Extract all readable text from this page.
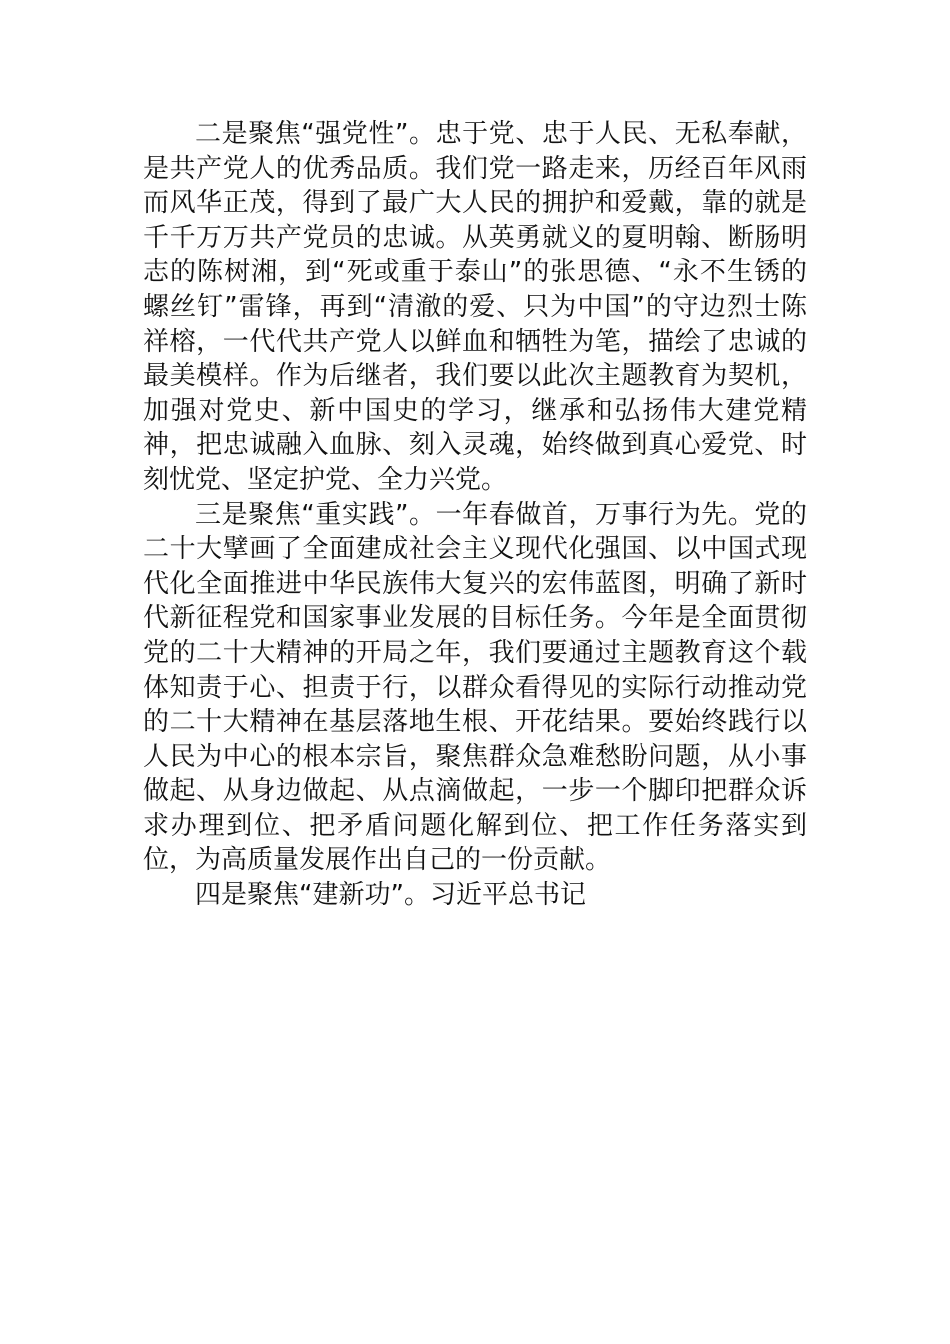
二是聚焦“强党性”。忠于党、忠于人民、无私奉献，是共产党人的优秀品质。我们党一路走来，历经百年风雨而风华正茂，得到了最广大人民的拥护和爱戴，靠的就是千千万万共产党员的忠诚。从英勇就义的夏明翰、断肠明志的陈树湘，到“死或重于泰山”的张思德、“永不生锈的螺丝钉”雷锋，再到“清澈的爱、只为中国”的守边烈士陈祥榕，一代代共产党人以鲜血和牺牲为笔，描绘了忠诚的最美模样。作为后继者，我们要以此次主题教育为契机，加强对党史、新中国史的学习，继承和弘扬伟大建党精神，把忠诚融入血脉、刻入灵魂，始终做到真心爱党、时刻忧党、坚定护党、全力兴党。

三是聚焦“重实践”。一年春做首，万事行为先。党的二十大擘画了全面建成社会主义现代化强国、以中国式现代化全面推进中华民族伟大复兴的宏伟蓝图，明确了新时代新征程党和国家事业发展的目标任务。今年是全面贯彻党的二十大精神的开局之年，我们要通过主题教育这个载体知责于心、担责于行，以群众看得见的实际行动推动党的二十大精神在基层落地生根、开花结果。要始终践行以人民为中心的根本宗旨，聚焦群众急难愁盼问题，从小事做起、从身边做起、从点滴做起，一步一个脚印把群众诉求办理到位、把矛盾问题化解到位、把工作任务落实到位，为高质量发展作出自己的一份贡献。

四是聚焦“建新功”。习近平总书记
